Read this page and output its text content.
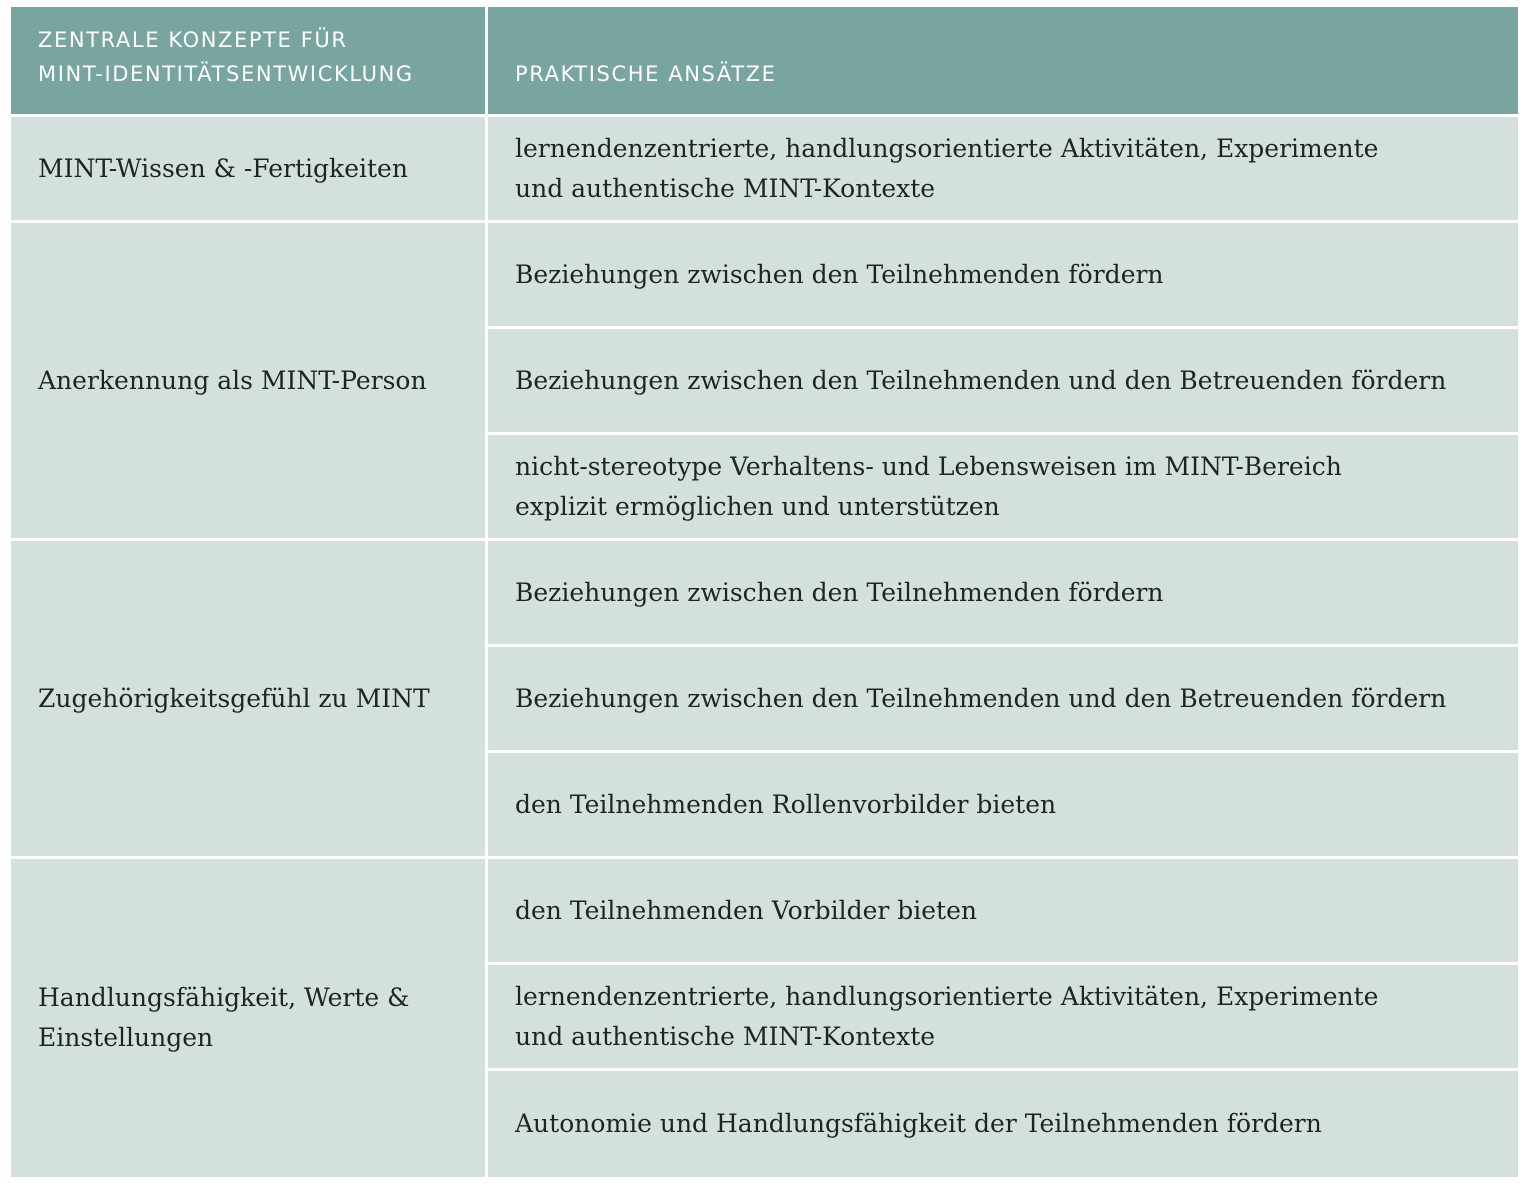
ZENTRALE KONZEPTE FÜR
MINT-IDENTITÄTSENTWICKLUNG	PRAKTISCHE ANSÄTZE
MINT-Wissen & -Fertigkeiten	lernendenzentrierte, handlungsorientierte Aktivitäten, Experimente
und authentische MINT-Kontexte
Anerkennung als MINT-Person	Beziehungen zwischen den Teilnehmenden fördern
	Beziehungen zwischen den Teilnehmenden und den Betreuenden fördern
	nicht-stereotype Verhaltens- und Lebensweisen im MINT-Bereich
explizit ermöglichen und unterstützen
Zugehörigkeitsgefühl zu MINT	Beziehungen zwischen den Teilnehmenden fördern
	Beziehungen zwischen den Teilnehmenden und den Betreuenden fördern
	den Teilnehmenden Rollenvorbilder bieten
Handlungsfähigkeit, Werte &
Einstellungen	den Teilnehmenden Vorbilder bieten
	lernendenzentrierte, handlungsorientierte Aktivitäten, Experimente
und authentische MINT-Kontexte
	Autonomie und Handlungsfähigkeit der Teilnehmenden fördern
